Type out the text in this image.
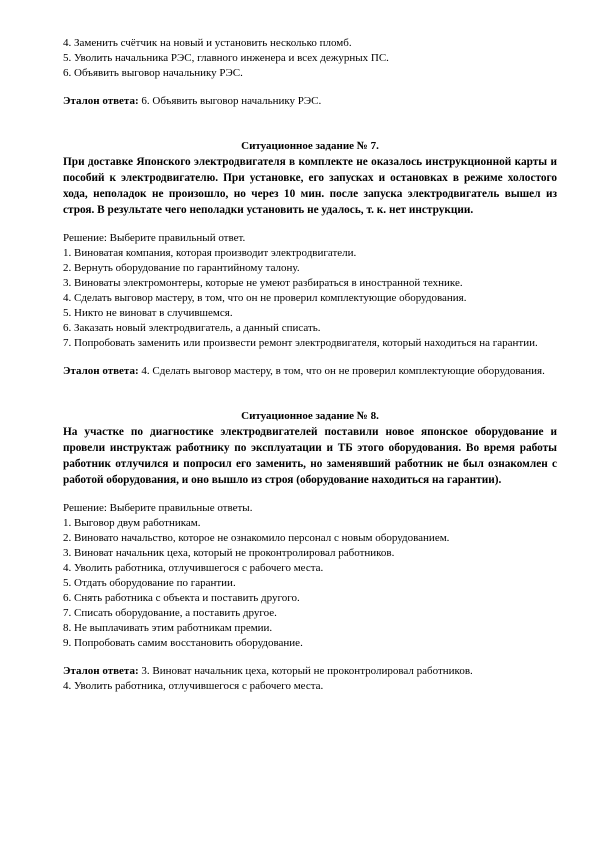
4. Заменить счётчик на новый и установить несколько пломб.
5. Уволить начальника РЭС, главного инженера и всех дежурных ПС.
6. Объявить выговор начальнику РЭС.
Эталон ответа: 6. Объявить выговор начальнику РЭС.
Ситуационное задание № 7.
При доставке Японского электродвигателя в комплекте не оказалось инструкционной карты и пособий к электродвигателю. При установке, его запусках и остановках в режиме холостого хода, неполадок не произошло, но через 10 мин. после запуска электродвигатель вышел из строя. В результате чего неполадки установить не удалось, т. к. нет инструкции.
Решение: Выберите правильный ответ.
1. Виноватая компания, которая производит электродвигатели.
2. Вернуть оборудование по гарантийному талону.
3. Виноваты электромонтеры, которые не умеют разбираться в иностранной технике.
4. Сделать выговор мастеру, в том, что он не проверил комплектующие оборудования.
5. Никто не виноват в случившемся.
6. Заказать новый электродвигатель, а данный списать.
7. Попробовать заменить или произвести ремонт электродвигателя, который находиться на гарантии.
Эталон ответа: 4. Сделать выговор мастеру, в том, что он не проверил комплектующие оборудования.
Ситуационное задание № 8.
На участке по диагностике электродвигателей поставили новое японское оборудование и провели инструктаж работнику по эксплуатации и ТБ этого оборудования. Во время работы работник отлучился и попросил его заменить, но заменявший работник не был ознакомлен с работой оборудования, и оно вышло из строя (оборудование находиться на гарантии).
Решение: Выберите правильные ответы.
1. Выговор двум работникам.
2. Виновато начальство, которое не ознакомило персонал с новым оборудованием.
3. Виноват начальник цеха, который не проконтролировал работников.
4. Уволить работника, отлучившегося с рабочего места.
5. Отдать оборудование по гарантии.
6. Снять работника с объекта и поставить другого.
7. Списать оборудование, а поставить другое.
8. Не выплачивать этим работникам премии.
9. Попробовать самим восстановить оборудование.
Эталон ответа: 3. Виноват начальник цеха, который не проконтролировал работников.
4. Уволить работника, отлучившегося с рабочего места.
